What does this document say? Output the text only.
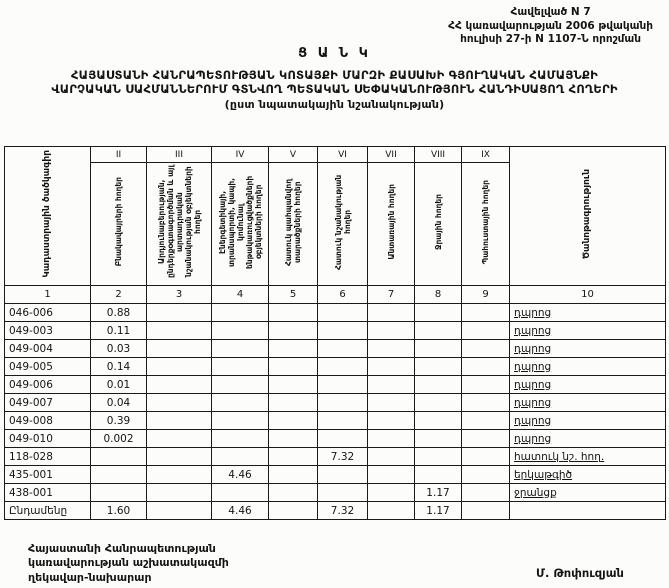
Հավելված N 7
ՀՀ կառավարության 2006 թվականի
հուլիսի 27-ի N 1107-Ն որոշման
Ց Ա Ն Կ
ՀԱՅԱՍՏԱՆԻ ՀԱՆՐԱՊԵՏՈՒԹՅԱՆ ԿՈՏԱՅՔԻ ՄԱՐԶԻ ՔԱՍԱԽԻ ԳՅՈՒՂԱԿԱՆ ՀԱՄԱՅՆՔԻ
ՎԱՐՉԱԿԱՆ ՍԱՀՄԱՆՆԵՐՈՒՄ ԳՏՆՎՈՂ ՊԵՏԱԿԱՆ ՍԵՓԱԿԱՆՈՒԹՅՈՒՆ ՀԱՆԴԻՍԱՑՈՂ ՀՈՂԵՐԻ
(ըստ նպատակային նշանակության)
Կադաստրային ծածկագիր	II	III	IV	V	VI	VII	VIII	IX	Ծանոթագրություն
	Բնակավայրերի հողեր	Արդյունաբերության, ընդերքօգտագործման և այլ արտադրական նշանակության օբյեկտների հողեր	Էներգետիկայի, տրանսպորտի, կապի, կոմունալ ենթակառուցվածքների օբյեկտների հողեր	Հատուկ պահպանվող տարածքների հողեր	Հատուկ նշանակության հողեր	Անտառային հողեր	Ջրային հողեր	Պահուստային հողեր	
1	2	3	4	5	6	7	8	9	10
046-006	0.88								դպրոց
049-003	0.11								դպրոց
049-004	0.03								դպրոց
049-005	0.14								դպրոց
049-006	0.01								դպրոց
049-007	0.04								դպրոց
049-008	0.39								դպրոց
049-010	0.002								դպրոց
118-028					7.32				հատուկ նշ. հող.
435-001			4.46						երկաթգիծ
438-001							1.17		ջրանցք
Ընդամենը	1.60		4.46		7.32		1.17		
Հայաստանի Հանրապետության
կառավարության աշխատակազմի
ղեկավար-նախարար	Մ. Թոփուզյան
